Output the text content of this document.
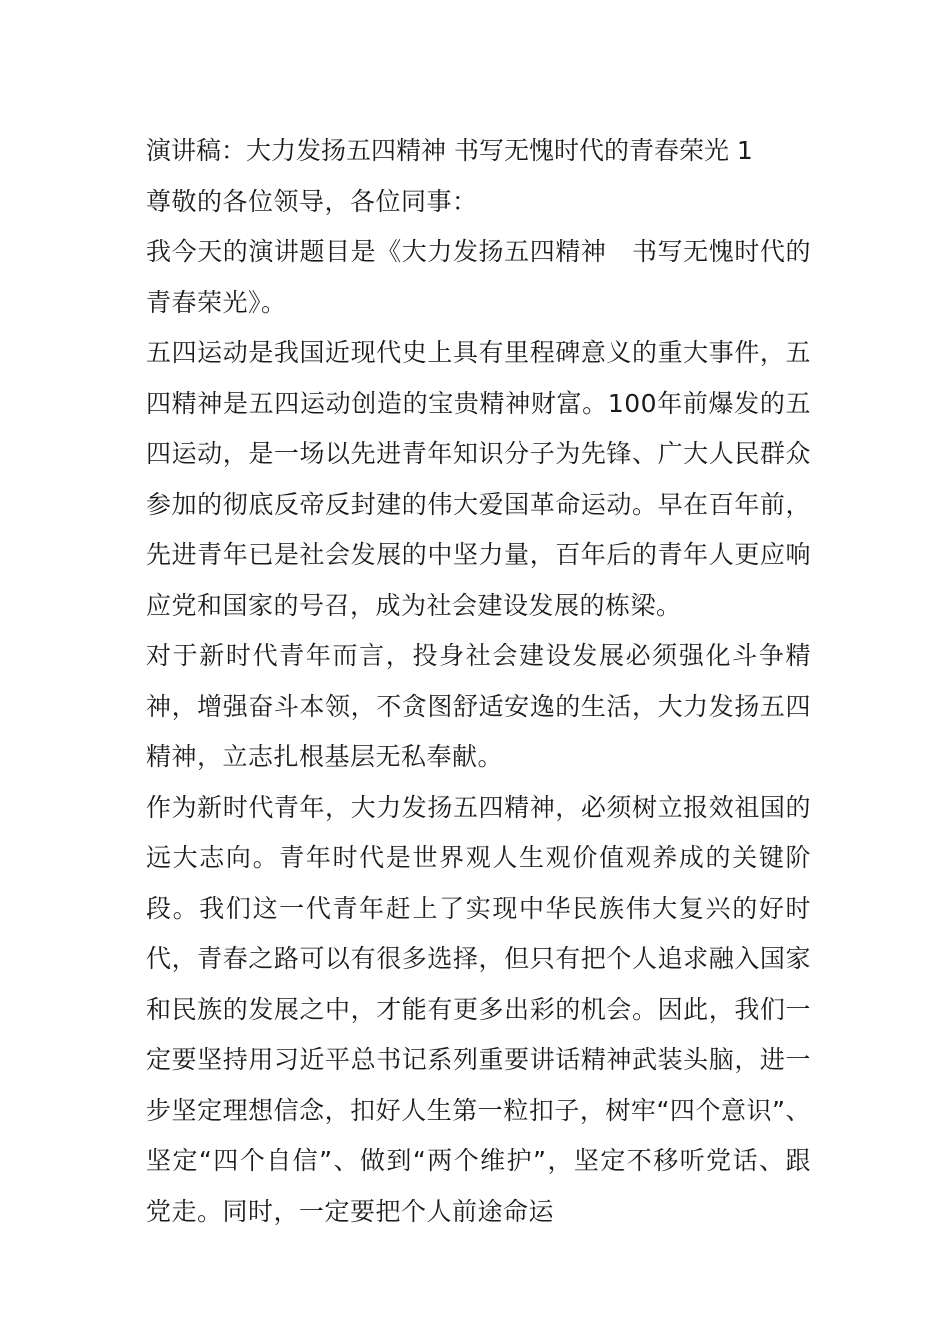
演讲稿：大力发扬五四精神 书写无愧时代的青春荣光 1

尊敬的各位领导，各位同事：

我今天的演讲题目是《大力发扬五四精神　书写无愧时代的青春荣光》。

五四运动是我国近现代史上具有里程碑意义的重大事件，五四精神是五四运动创造的宝贵精神财富。100年前爆发的五四运动，是一场以先进青年知识分子为先锋、广大人民群众参加的彻底反帝反封建的伟大爱国革命运动。早在百年前，先进青年已是社会发展的中坚力量，百年后的青年人更应响应党和国家的号召，成为社会建设发展的栋梁。

对于新时代青年而言，投身社会建设发展必须强化斗争精神，增强奋斗本领，不贪图舒适安逸的生活，大力发扬五四精神，立志扎根基层无私奉献。

作为新时代青年，大力发扬五四精神，必须树立报效祖国的远大志向。青年时代是世界观人生观价值观养成的关键阶段。我们这一代青年赶上了实现中华民族伟大复兴的好时代，青春之路可以有很多选择，但只有把个人追求融入国家和民族的发展之中，才能有更多出彩的机会。因此，我们一定要坚持用习近平总书记系列重要讲话精神武装头脑，进一步坚定理想信念，扣好人生第一粒扣子，树牢“四个意识”、坚定“四个自信”、做到“两个维护”，坚定不移听党话、跟党走。同时，一定要把个人前途命运
